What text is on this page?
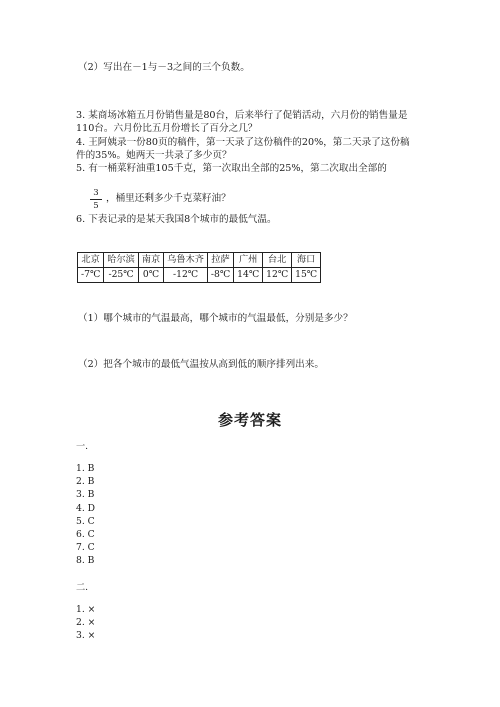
（2）写出在－1与－3之间的三个负数。
3. 某商场冰箱五月份销售量是80台，后来举行了促销活动，六月份的销售量是
110台。六月份比五月份增长了百分之几？
4. 王阿姨录一份80页的稿件，第一天录了这份稿件的20%，第二天录了这份稿
件的35%。她两天一共录了多少页？
5. 有一桶菜籽油重105千克，第一次取出全部的25%，第二次取出全部的
3
5
，桶里还剩多少千克菜籽油？
6. 下表记录的是某天我国8个城市的最低气温。
北京	哈尔滨	南京	乌鲁木齐	拉萨	广州	台北	海口
-7℃	-25℃	0℃	-12℃	-8℃	14℃	12℃	15℃
（1）哪个城市的气温最高，哪个城市的气温最低，分别是多少？
（2）把各个城市的最低气温按从高到低的顺序排列出来。
参考答案
一.
1. B
2. B
3. B
4. D
5. C
6. C
7. C
8. B
二.
1. ×
2. ×
3. ×
